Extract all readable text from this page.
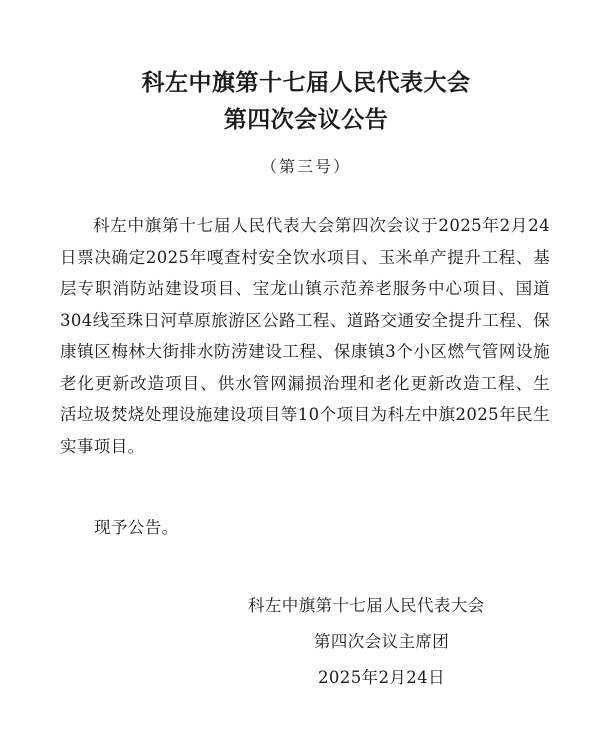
科左中旗第十七届人民代表大会
第四次会议公告
（第三号）
科左中旗第十七届人民代表大会第四次会议于2025年2月24日票决确定2025年嘎查村安全饮水项目、玉米单产提升工程、基层专职消防站建设项目、宝龙山镇示范养老服务中心项目、国道304线至珠日河草原旅游区公路工程、道路交通安全提升工程、保康镇区梅林大街排水防涝建设工程、保康镇3个小区燃气管网设施老化更新改造项目、供水管网漏损治理和老化更新改造工程、生活垃圾焚烧处理设施建设项目等10个项目为科左中旗2025年民生实事项目。
现予公告。
科左中旗第十七届人民代表大会
第四次会议主席团
2025年2月24日
